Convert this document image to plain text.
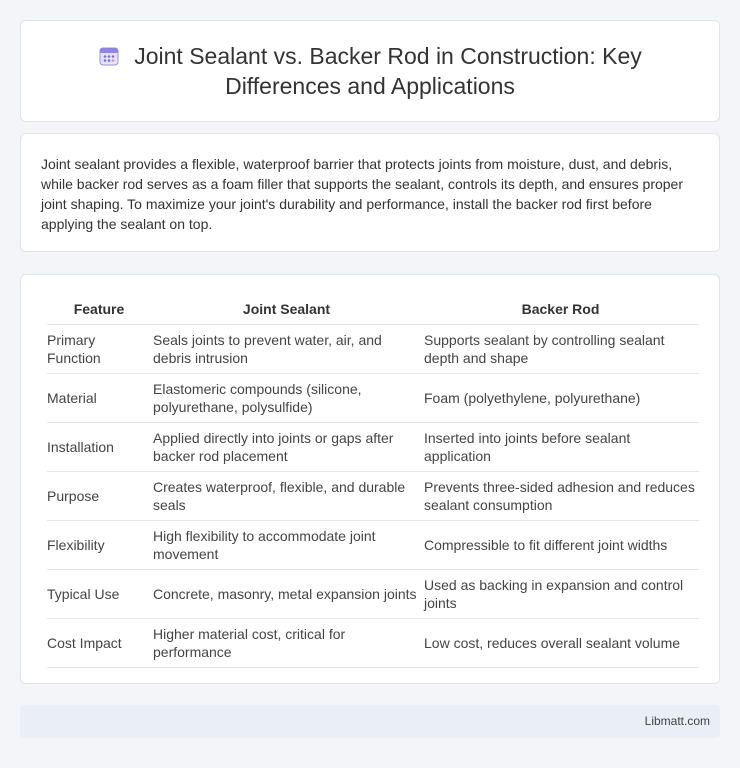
Joint Sealant vs. Backer Rod in Construction: Key Differences and Applications

Joint sealant provides a flexible, waterproof barrier that protects joints from moisture, dust, and debris, while backer rod serves as a foam filler that supports the sealant, controls its depth, and ensures proper joint shaping. To maximize your joint's durability and performance, install the backer rod first before applying the sealant on top.

Feature	Joint Sealant	Backer Rod
Primary Function	Seals joints to prevent water, air, and debris intrusion	Supports sealant by controlling sealant depth and shape
Material	Elastomeric compounds (silicone, polyurethane, polysulfide)	Foam (polyethylene, polyurethane)
Installation	Applied directly into joints or gaps after backer rod placement	Inserted into joints before sealant application
Purpose	Creates waterproof, flexible, and durable seals	Prevents three-sided adhesion and reduces sealant consumption
Flexibility	High flexibility to accommodate joint movement	Compressible to fit different joint widths
Typical Use	Concrete, masonry, metal expansion joints	Used as backing in expansion and control joints
Cost Impact	Higher material cost, critical for performance	Low cost, reduces overall sealant volume
Libmatt.com
